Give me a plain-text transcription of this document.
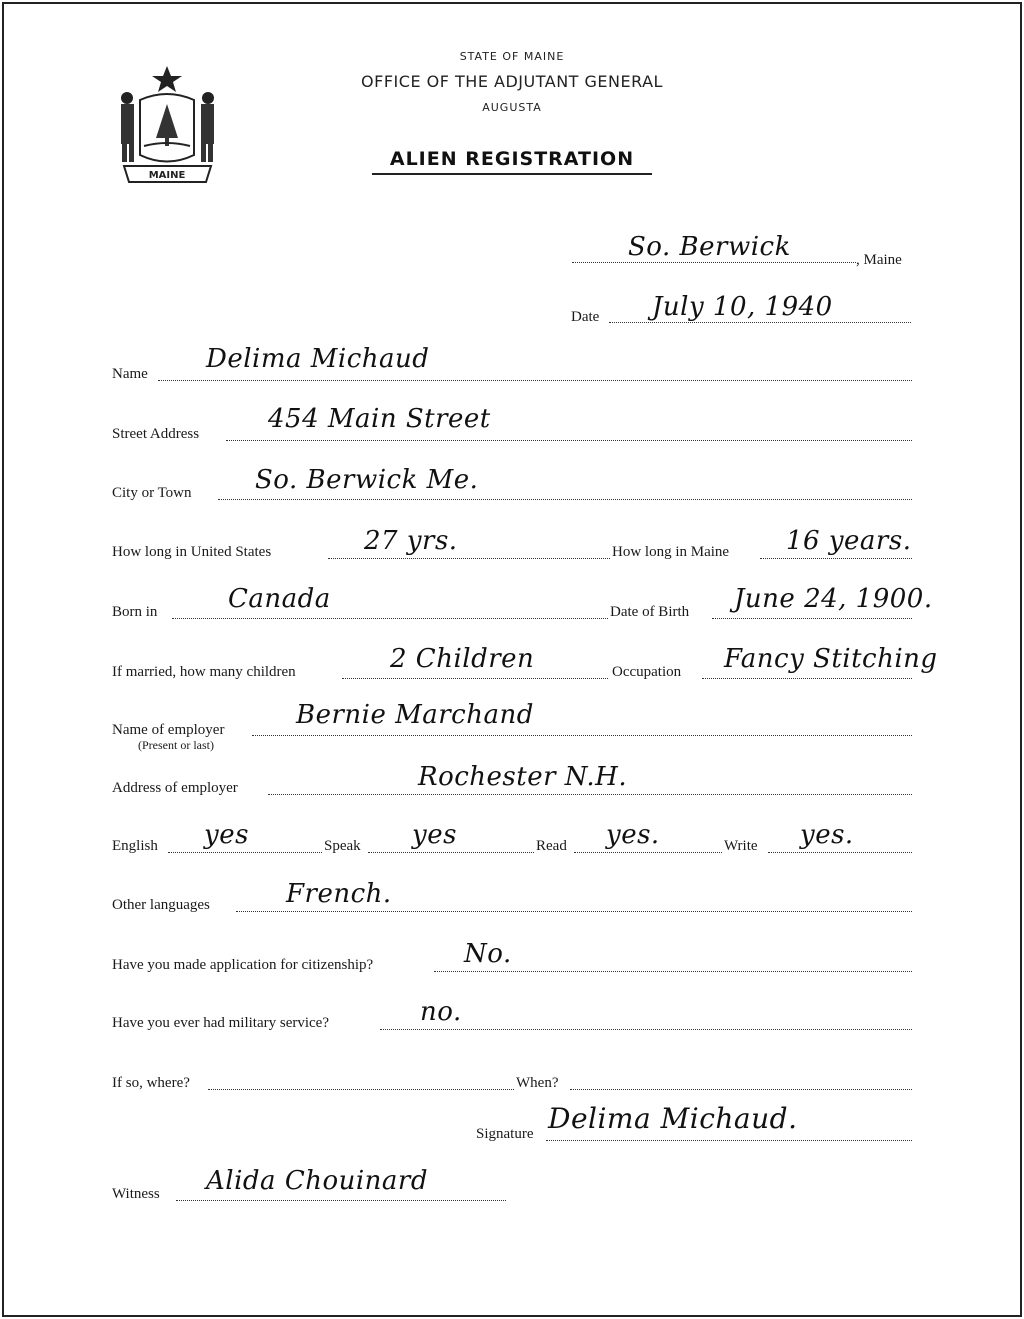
MAINE
STATE OF MAINE
OFFICE OF THE ADJUTANT GENERAL
AUGUSTA
ALIEN REGISTRATION
So. Berwick	, Maine
Date July 10, 1940
Name Delima Michaud
Street Address	454 Main Street
City or Town So. Berwick Me.
How long in United States	27 yrs.	How long in Maine 16 years.
Born in	Canada	Date of Birth June 24, 1900.
If married, how many children	2 Children	Occupation Fancy Stitching
Name of employer
(Present or last)
Bernie Marchand
Address of employer	Rochester N.H.
English yes	Speak yes	Read yes.	Write yes.
Other languages	French.
Have you made application for citizenship?	No.
Have you ever had military service?	no.
If so, where?	When?
Signature Delima Michaud.
Witness Alida Chouinard
